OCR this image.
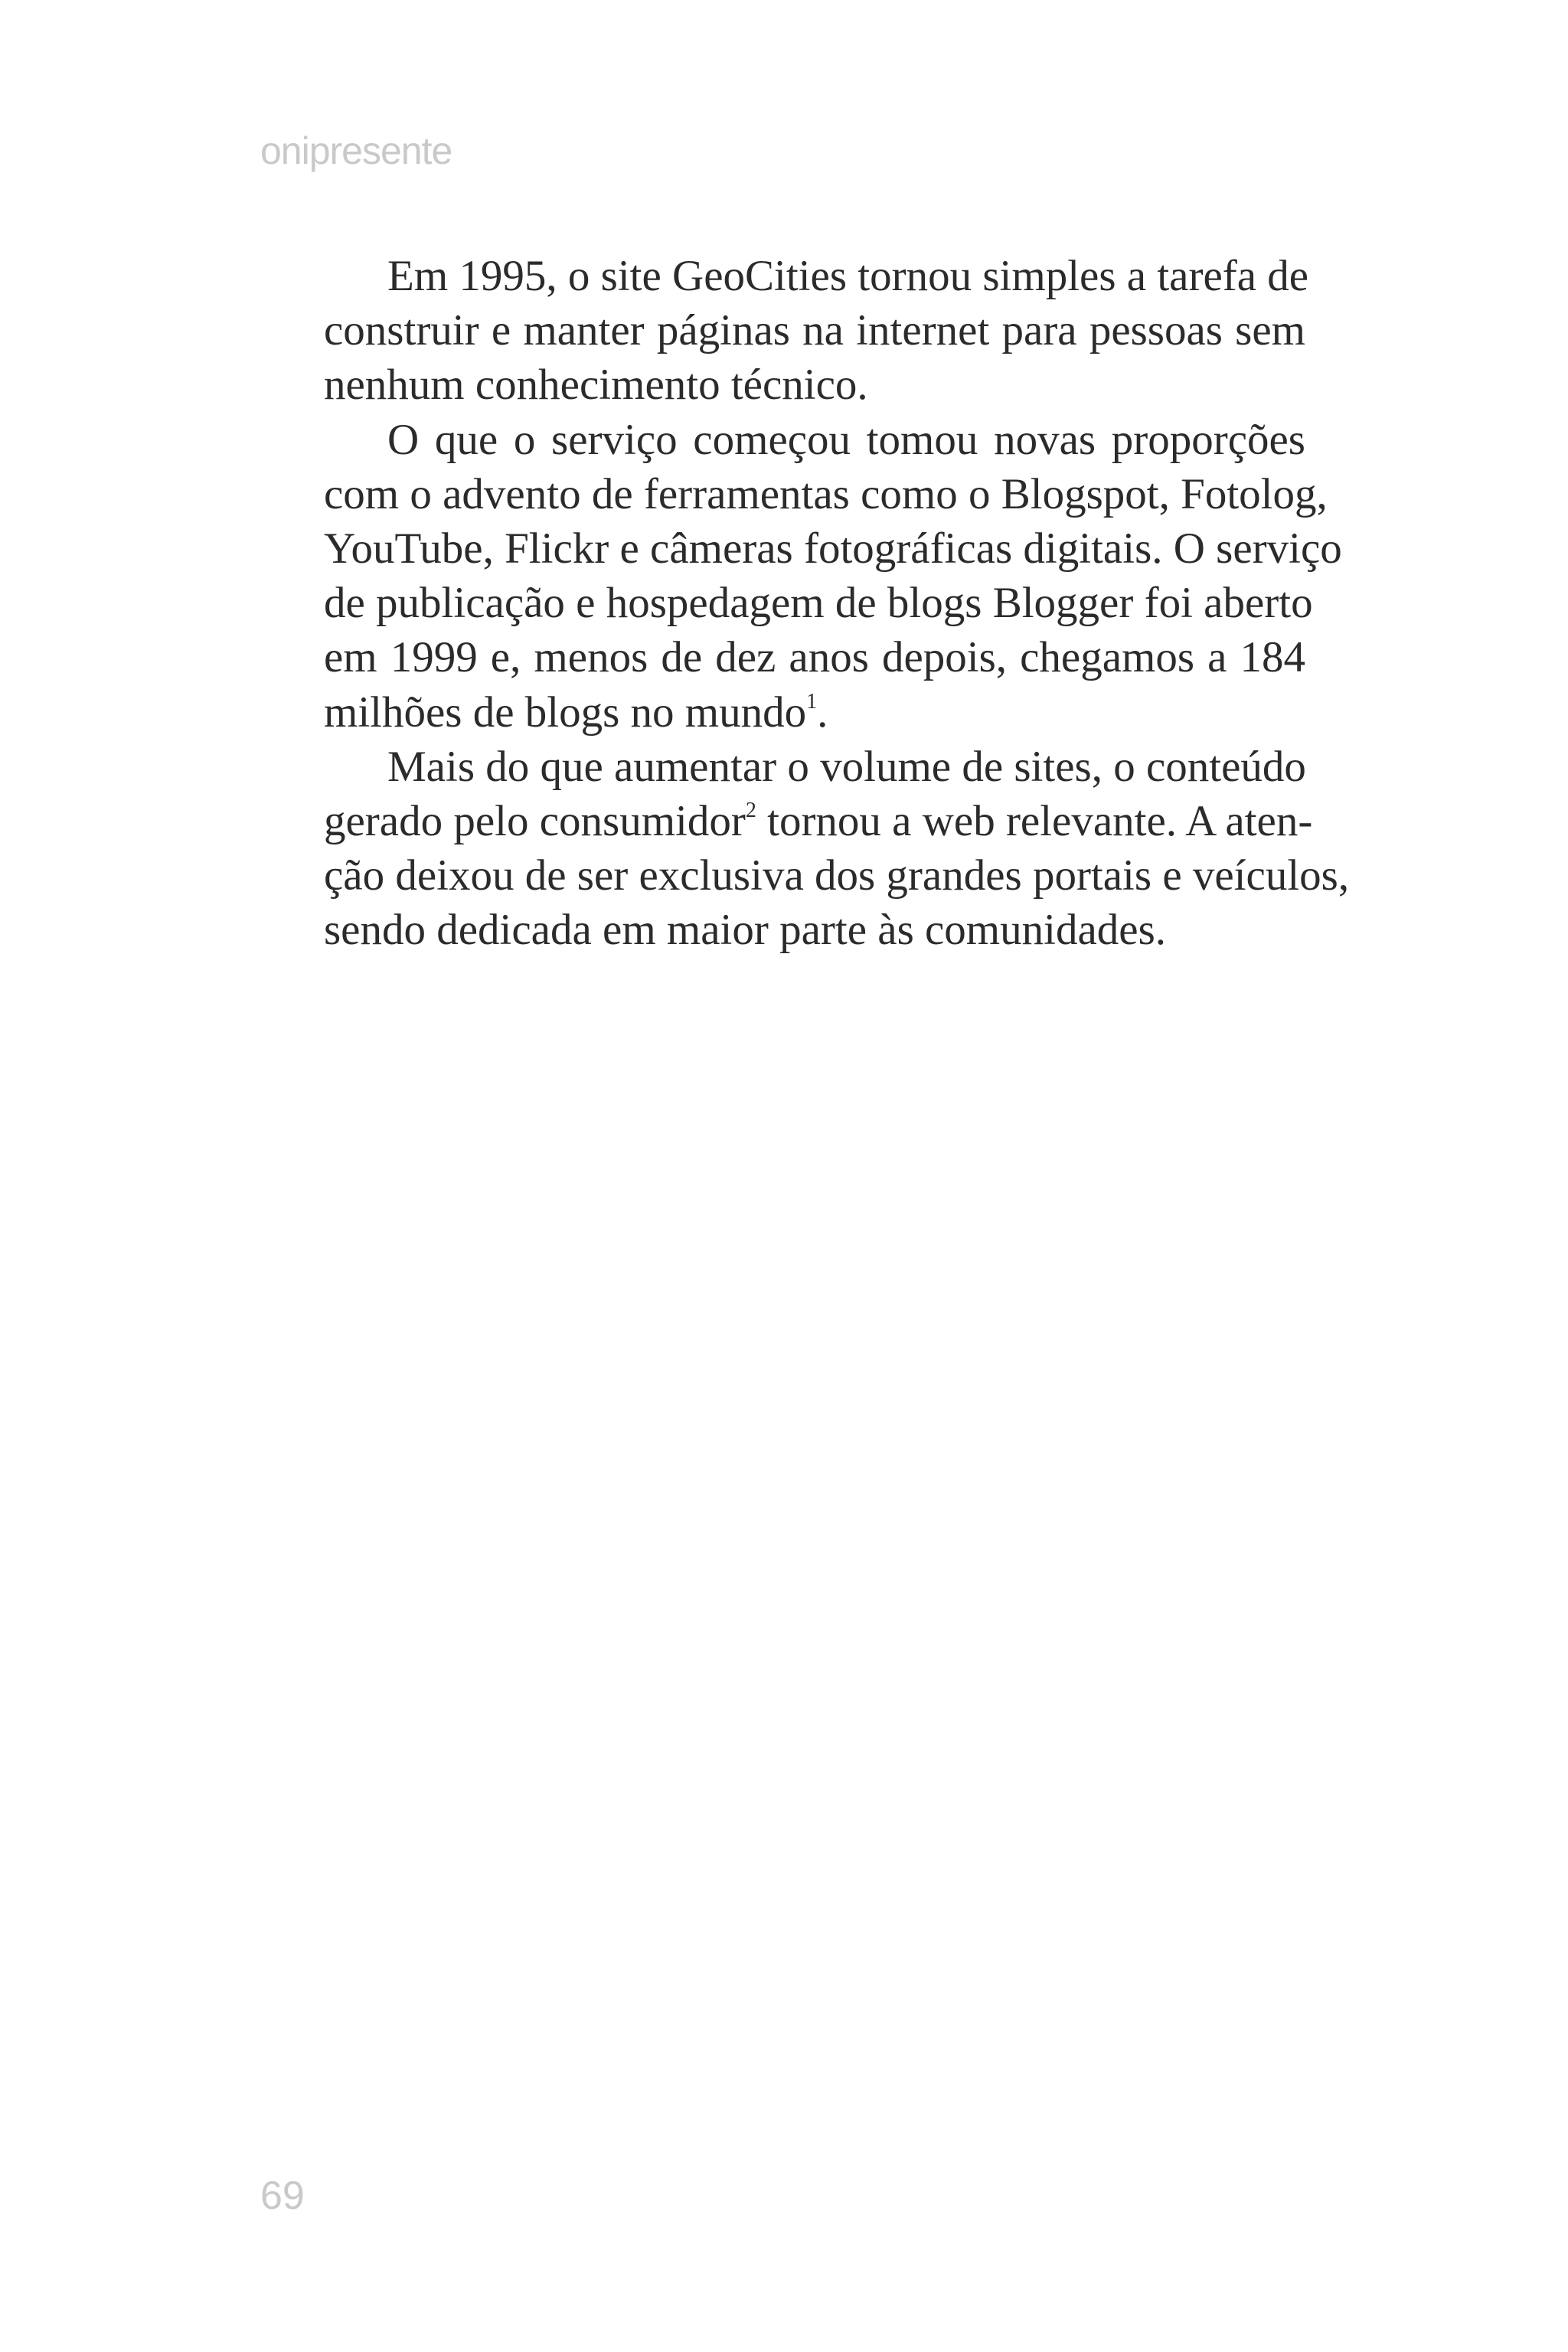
onipresente

Em 1995, o site GeoCities tornou simples a tarefa de
construir e manter páginas na internet para pessoas sem
nenhum conhecimento técnico.

O que o serviço começou tomou novas proporções
com o advento de ferramentas como o Blogspot, Fotolog,
YouTube, Flickr e câmeras fotográficas digitais. O serviço
de publicação e hospedagem de blogs Blogger foi aberto
em 1999 e, menos de dez anos depois, chegamos a 184
milhões de blogs no mundo$^1$.

Mais do que aumentar o volume de sites, o conteúdo
gerado pelo consumidor$^2$ tornou a web relevante. A aten-
ção deixou de ser exclusiva dos grandes portais e veículos,
sendo dedicada em maior parte às comunidades.

69
